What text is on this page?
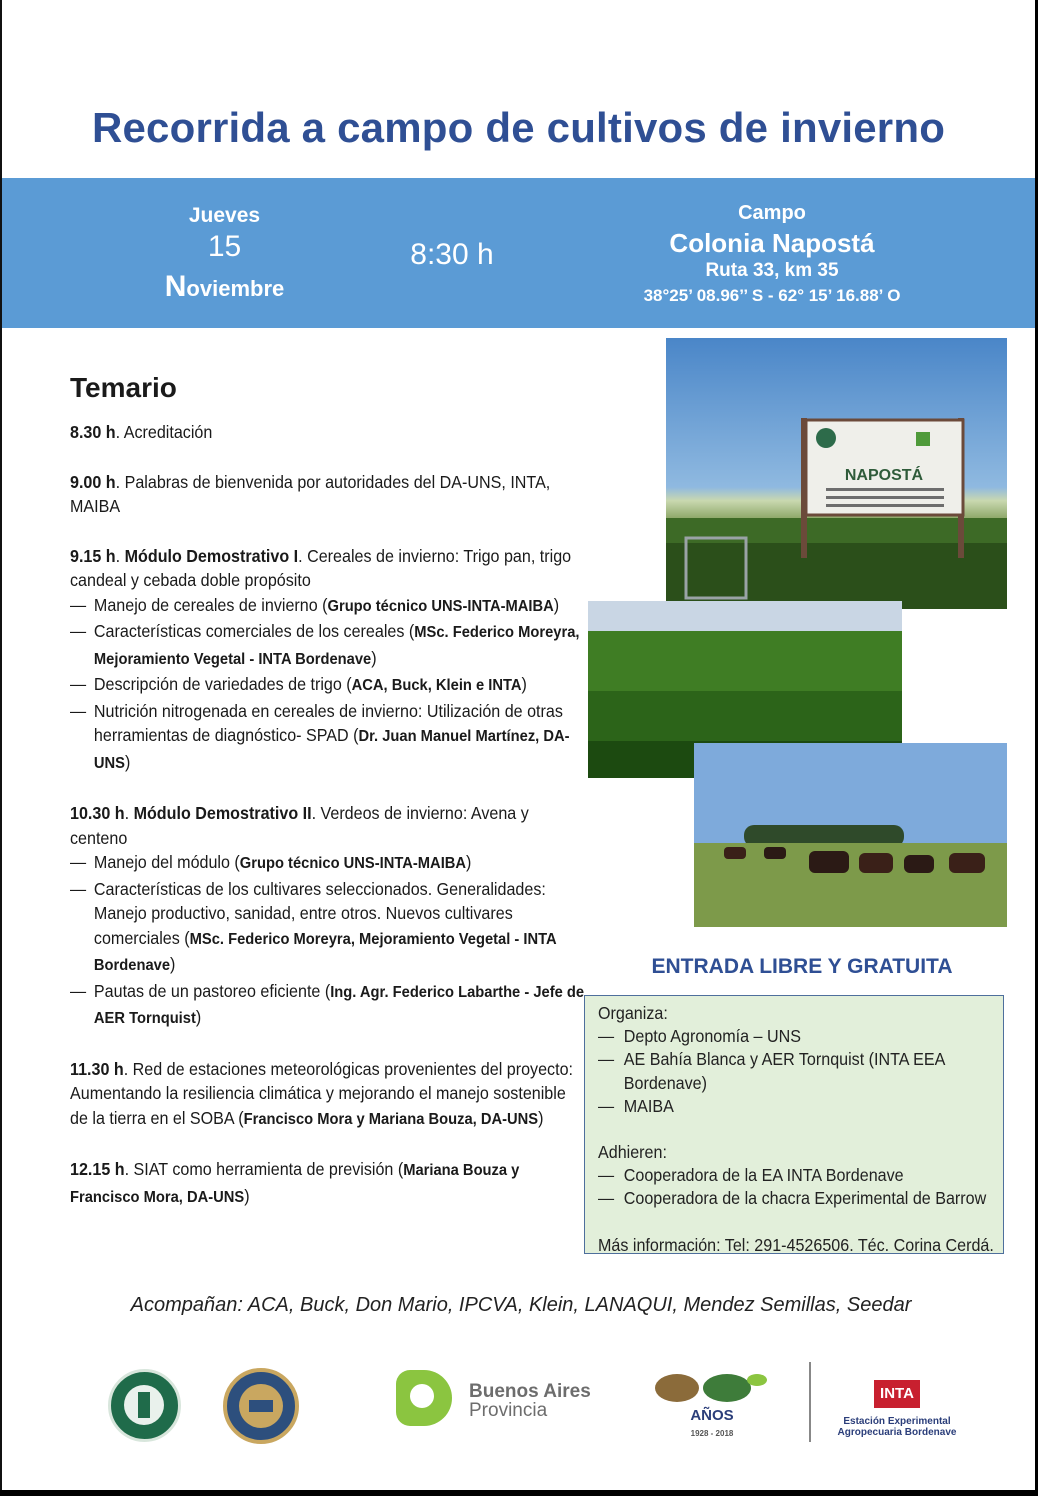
Recorrida a campo de cultivos de invierno
Jueves
15
Noviembre
8:30 h
Campo
Colonia Napostá
Ruta 33, km 35
38°25’ 08.96’’ S - 62° 15’ 16.88’ O
Temario

8.30 h. Acreditación

9.00 h. Palabras de bienvenida por autoridades del DA-UNS, INTA, MAIBA

9.15 h. Módulo Demostrativo I. Cereales de invierno: Trigo pan, trigo candeal y cebada doble propósito

— Manejo de cereales de invierno (Grupo técnico UNS-INTA-MAIBA)
— Características comerciales de los cereales (MSc. Federico Moreyra, Mejoramiento Vegetal - INTA Bordenave)
— Descripción de variedades de trigo (ACA, Buck, Klein e INTA)
— Nutrición nitrogenada en cereales de invierno: Utilización de otras herramientas de diagnóstico- SPAD (Dr. Juan Manuel Martínez, DA-UNS)

10.30 h. Módulo Demostrativo II. Verdeos de invierno: Avena y centeno

— Manejo del módulo (Grupo técnico UNS-INTA-MAIBA)
— Características de los cultivares seleccionados. Generalidades: Manejo productivo, sanidad, entre otros. Nuevos cultivares comerciales (MSc. Federico Moreyra, Mejoramiento Vegetal - INTA Bordenave)
— Pautas de un pastoreo eficiente (Ing. Agr. Federico Labarthe - Jefe de AER Tornquist)

11.30 h. Red de estaciones meteorológicas provenientes del proyecto: Aumentando la resiliencia climática y mejorando el manejo sostenible de la tierra en el SOBA (Francisco Mora y Mariana Bouza, DA-UNS)

12.15 h. SIAT como herramienta de previsión (Mariana Bouza y Francisco Mora, DA-UNS)

NAPOSTÁ
ENTRADA LIBRE Y GRATUITA
Organiza:
— Depto Agronomía – UNS
— AE Bahía Blanca y AER Tornquist (INTA EEA Bordenave)
— MAIBA
Adhieren:
— Cooperadora de la EA INTA Bordenave
— Cooperadora de la chacra Experimental de Barrow
Más información: Tel: 291-4526506. Téc. Corina Cerdá.
Acompañan: ACA, Buck, Don Mario, IPCVA, Klein, LANAQUI, Mendez Semillas, Seedar
Buenos Aires
Provincia	AÑOS
1928 - 2018
INTA
Estación Experimental
Agropecuaria Bordenave
